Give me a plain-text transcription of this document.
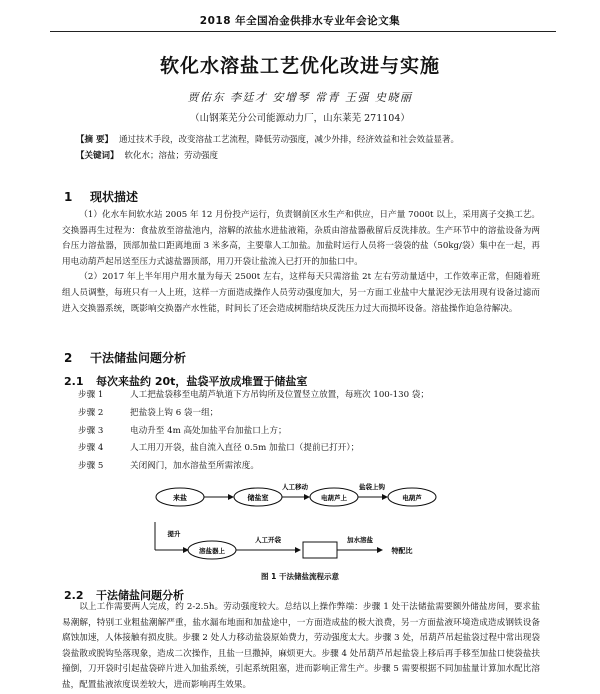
2018 年全国冶金供排水专业年会论文集
软化水溶盐工艺优化改进与实施
贾佑东 李廷才 安增琴 常青 王强 史晓丽
（山钢莱芜分公司能源动力厂，山东莱芜 271104）
【摘 要】 通过技术手段，改变溶盐工艺流程，降低劳动强度，减少外排，经济效益和社会效益显著。
【关键词】 软化水；溶盐；劳动强度
1 现状描述

（1）化水车间软水站 2005 年 12 月份投产运行，负责钢前区水生产和供应，日产量 7000t 以上，采用离子交换工艺。交换器再生过程为：食盐放至溶盐池内，溶解的浓盐水进盐液箱，杂质由溶盐器截留后反洗排放。生产环节中的溶盐设备为两台压力溶盐器，顶部加盐口距离地面 3 米多高，主要靠人工加盐。加盐时运行人员将一袋袋的盐（50kg/袋）集中在一起，再用电动葫芦起吊送至压力式滤盐器顶部，用刀开袋让盐流入已打开的加盐口中。

（2）2017 年上半年用户用水量为每天 2500t 左右，这样每天只需溶盐 2t 左右劳动量适中，工作效率正常，但随着班组人员调整，每班只有一人上班，这样一方面造成操作人员劳动强度加大，另一方面工业盐中大量泥沙无法用现有设备过滤而进入交换器系统，既影响交换器产水性能，时间长了还会造成树脂结块反洗压力过大而损坏设备。溶盐操作迫急待解决。

2 干法储盐问题分析
2.1 每次来盐约 20t，盐袋平放成堆置于储盐室
步骤 1	人工把盐袋移至电葫芦轨道下方吊钩所及位置竖立放置，每班次 100-130 袋；
步骤 2	把盐袋上钩 6 袋一组；
步骤 3	电动升至 4m 高处加盐平台加盐口上方；
步骤 4	人工用刀开袋，盐自流入直径 0.5m 加盐口（提前已打开）；
步骤 5	关闭阀门，加水溶盐至所需浓度。
来盐	储盐室	电葫芦上	电葫芦
人工移动	盐袋上钩
提升
溶盐器上
人工开袋	加水溶盐
特配比
图 1 干法储盐流程示意
2.2 干法储盐问题分析

以上工作需要两人完成，约 2-2.5h。劳动强度较大。总结以上操作弊端：步骤 1 处干法储盐需要额外储盐房间，要求盐易潮解，特别工业粗盐潮解严重，盐水漏布地面和加盐途中，一方面造成盐的极大浪费，另一方面盐液环境造成造成钢铁设备腐蚀加速，人体接触有损皮肤。步骤 2 处人力移动盐袋原始费力，劳动强度太大。步骤 3 处，吊葫芦吊起盐袋过程中常出现袋袋盐散或脱钩坠落现象，造成二次操作，且盐一旦撒掉，麻烦更大。步骤 4 处吊葫芦吊起盐袋上移后再手移至加盐口使袋盐扶撞倒，刀开袋时引起盐袋碎片进入加盐系统，引起系统阻塞，进而影响正常生产。步骤 5 需要根据不同加盐量计算加水配比溶盐，配置盐液浓度误差较大，进而影响再生效果。
